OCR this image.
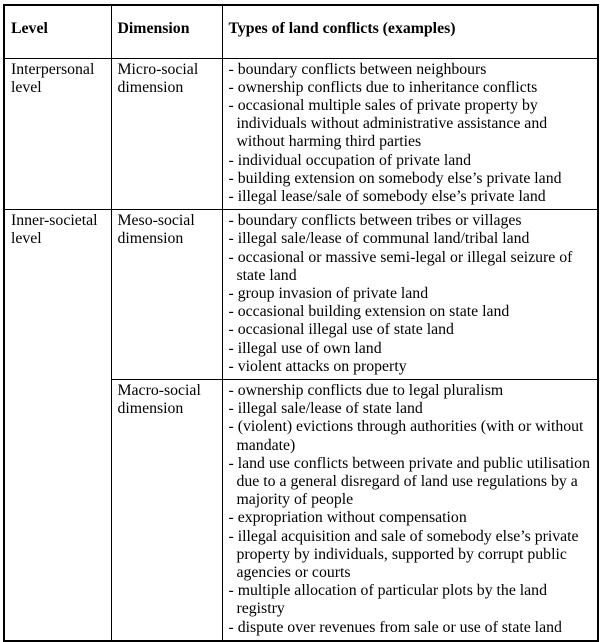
Level	Dimension	Types of land conflicts (examples)
Interpersonal level	Micro-social dimension	
- boundary conflicts between neighbours
- ownership conflicts due to inheritance conflicts
- occasional multiple sales of private property by individuals without administrative assistance and without harming third parties
- individual occupation of private land
- building extension on somebody else’s private land
- illegal lease/sale of somebody else’s private land

Inner-societal level	Meso-social dimension	
- boundary conflicts between tribes or villages
- illegal sale/lease of communal land/tribal land
- occasional or massive semi-legal or illegal seizure of state land
- group invasion of private land
- occasional building extension on state land
- occasional illegal use of state land
- illegal use of own land
- violent attacks on property

Macro-social dimension	
- ownership conflicts due to legal pluralism
- illegal sale/lease of state land
- (violent) evictions through authorities (with or without mandate)
- land use conflicts between private and public utilisation due to a general disregard of land use regulations by a majority of people
- expropriation without compensation
- illegal acquisition and sale of somebody else’s private property by individuals, supported by corrupt public agencies or courts
- multiple allocation of particular plots by the land registry
- dispute over revenues from sale or use of state land
